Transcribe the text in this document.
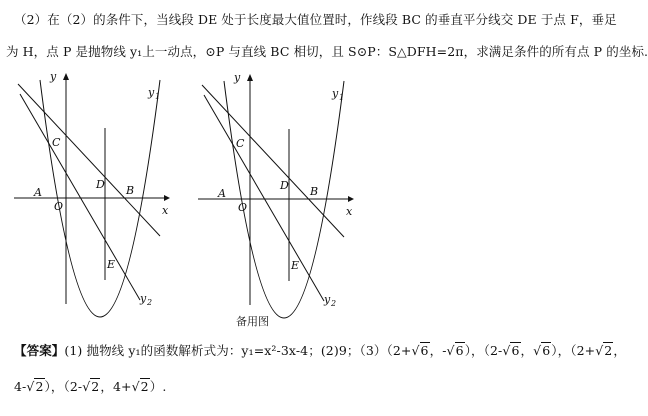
（2）在（2）的条件下，当线段 DE 处于长度最大值位置时，作线段 BC 的垂直平分线交 DE 于点 F，垂足
为 H，点 P 是抛物线 y₁上一动点，⊙P 与直线 BC 相切，且 S⊙P：S△DFH=2π，求满足条件的所有点 P 的坐标.
y
x
y 1
y 2
A
O
B
C
D
E
y
x
y 1
y 2
A
O
B
C
D
E
备用图
【答案】(1) 抛物线 y₁的函数解析式为：y₁=x²-3x-4；(2)9；（3）（2+√6，-√6），（2-√6，√6），（2+√2，
4-√2），（2-√2，4+√2）.
